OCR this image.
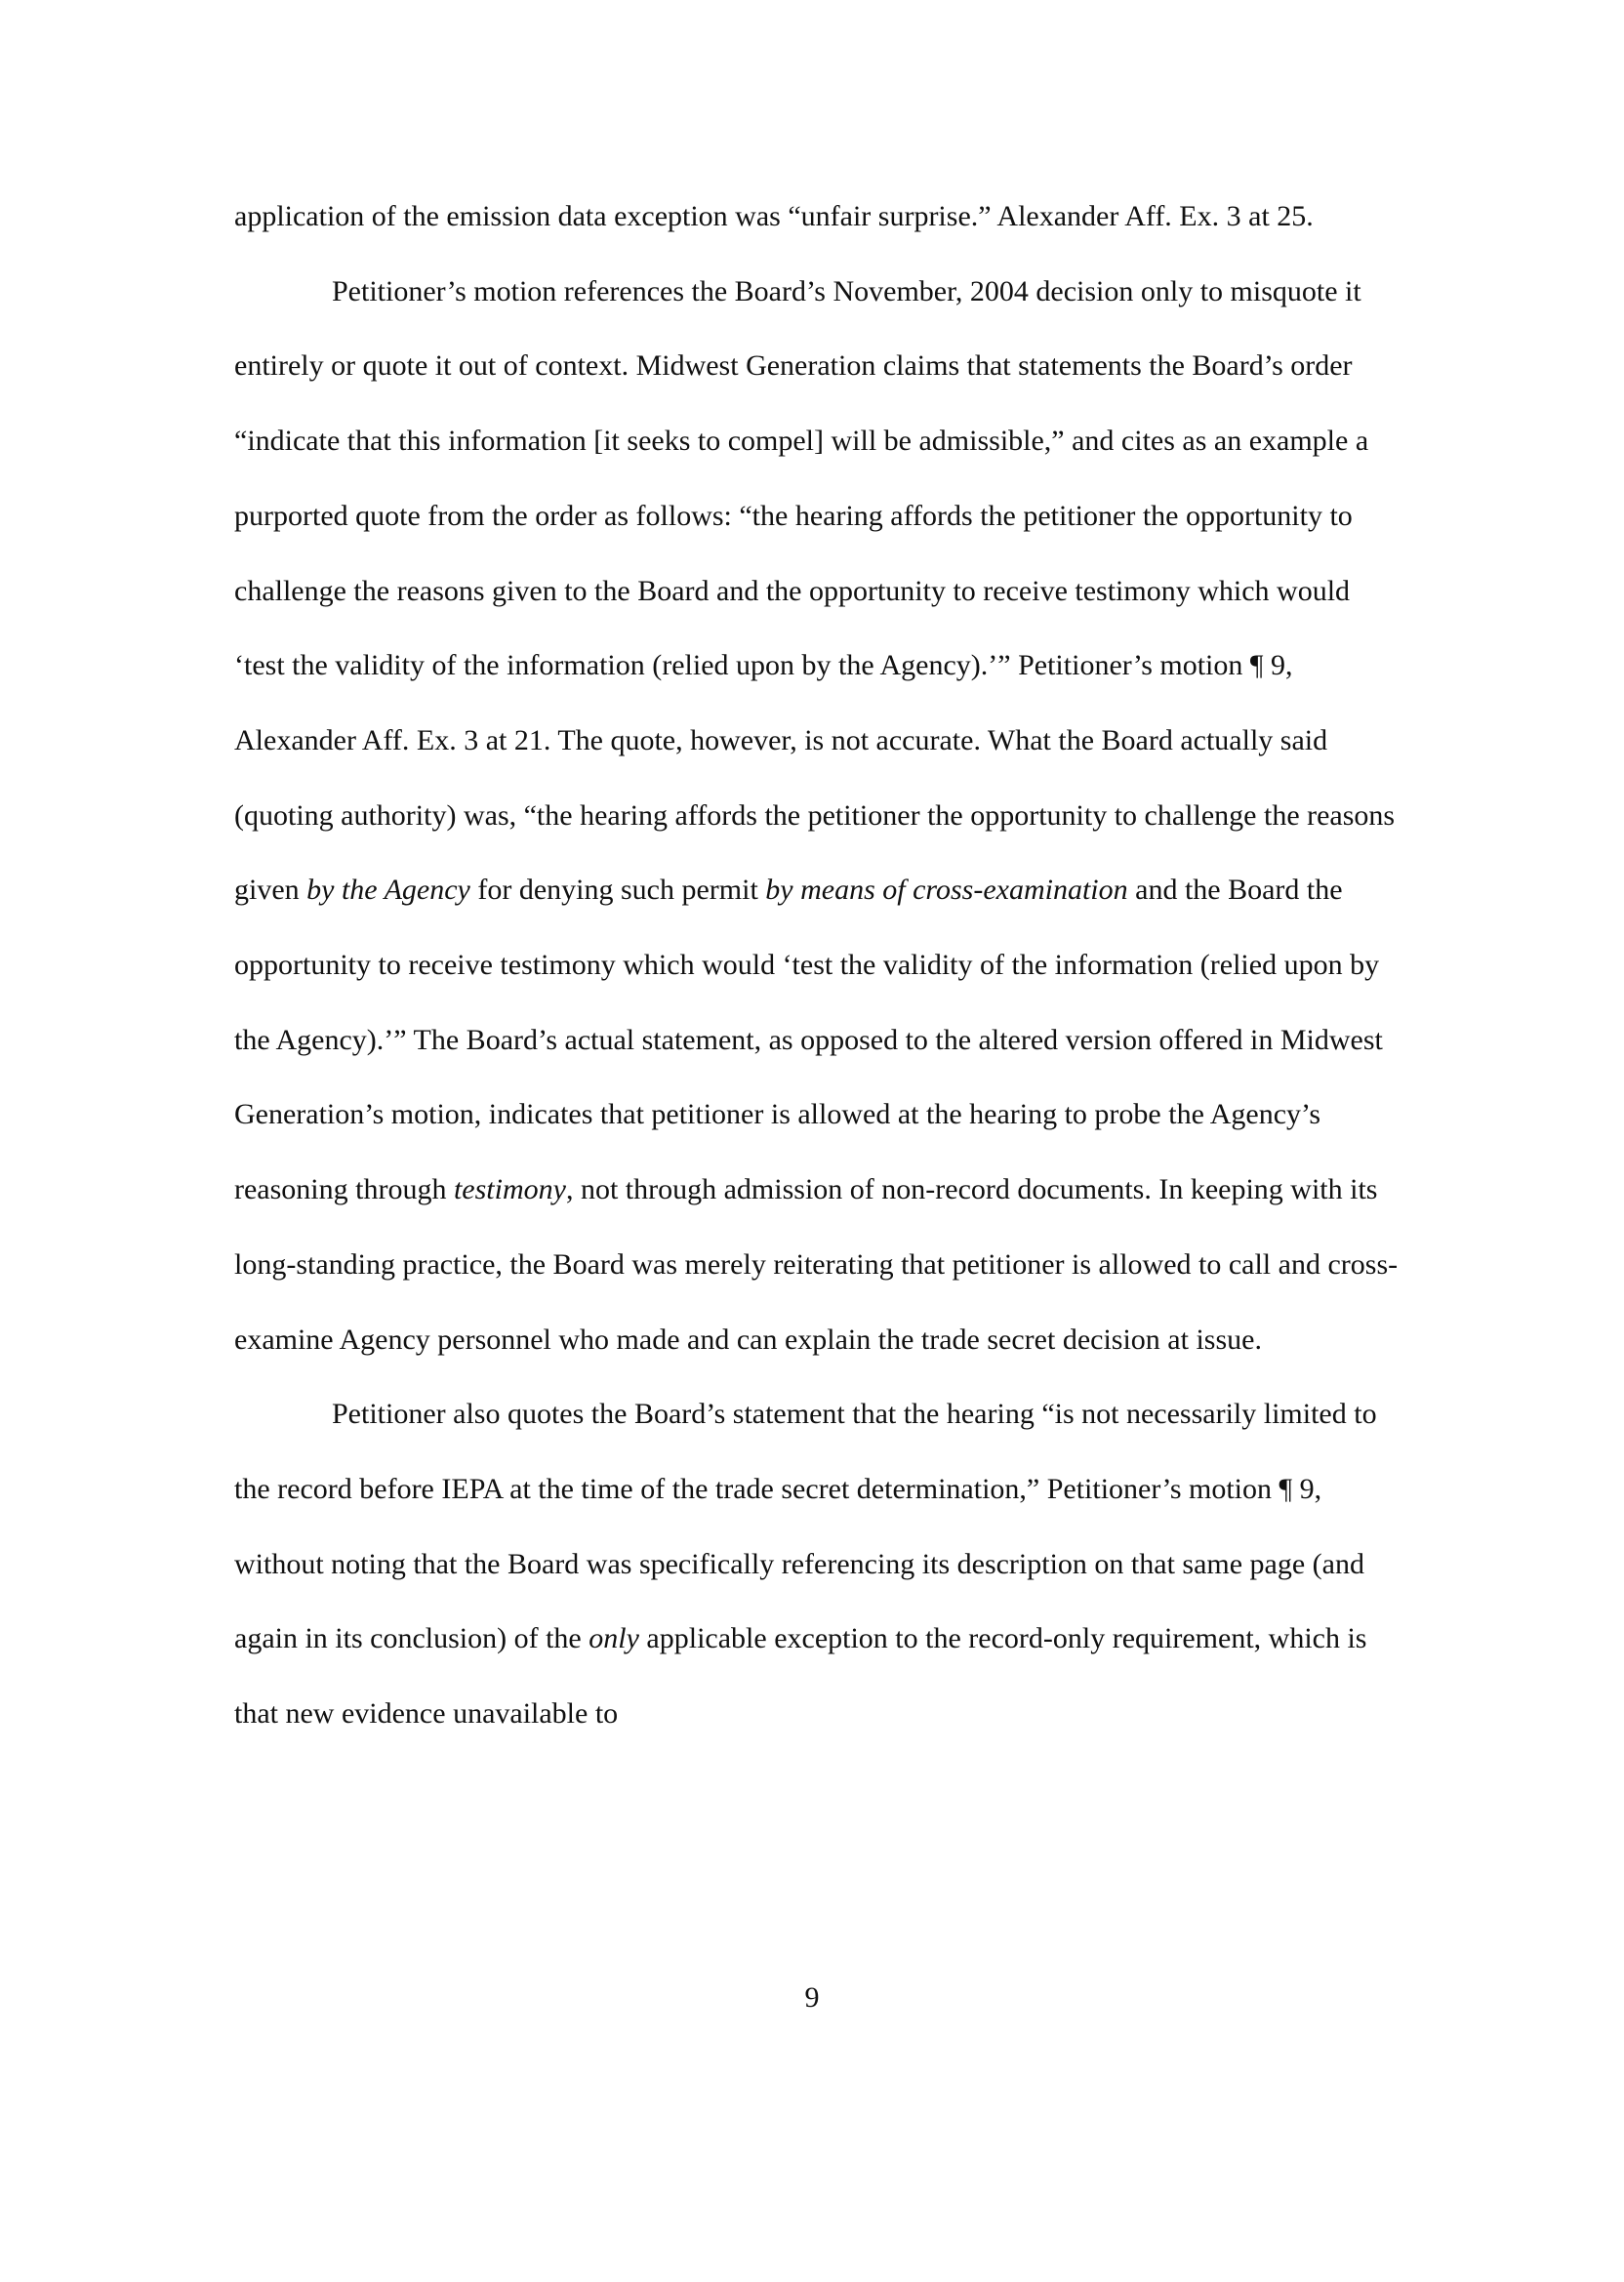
application of the emission data exception was “unfair surprise.” Alexander Aff. Ex. 3 at 25.

Petitioner’s motion references the Board’s November, 2004 decision only to misquote it entirely or quote it out of context. Midwest Generation claims that statements the Board’s order “indicate that this information [it seeks to compel] will be admissible,” and cites as an example a purported quote from the order as follows: “the hearing affords the petitioner the opportunity to challenge the reasons given to the Board and the opportunity to receive testimony which would ‘test the validity of the information (relied upon by the Agency).’” Petitioner’s motion ¶ 9, Alexander Aff. Ex. 3 at 21. The quote, however, is not accurate. What the Board actually said (quoting authority) was, “the hearing affords the petitioner the opportunity to challenge the reasons given by the Agency for denying such permit by means of cross-examination and the Board the opportunity to receive testimony which would ‘test the validity of the information (relied upon by the Agency).’” The Board’s actual statement, as opposed to the altered version offered in Midwest Generation’s motion, indicates that petitioner is allowed at the hearing to probe the Agency’s reasoning through testimony, not through admission of non-record documents. In keeping with its long-standing practice, the Board was merely reiterating that petitioner is allowed to call and cross-examine Agency personnel who made and can explain the trade secret decision at issue.

Petitioner also quotes the Board’s statement that the hearing “is not necessarily limited to the record before IEPA at the time of the trade secret determination,” Petitioner’s motion ¶ 9, without noting that the Board was specifically referencing its description on that same page (and again in its conclusion) of the only applicable exception to the record-only requirement, which is that new evidence unavailable to

9
